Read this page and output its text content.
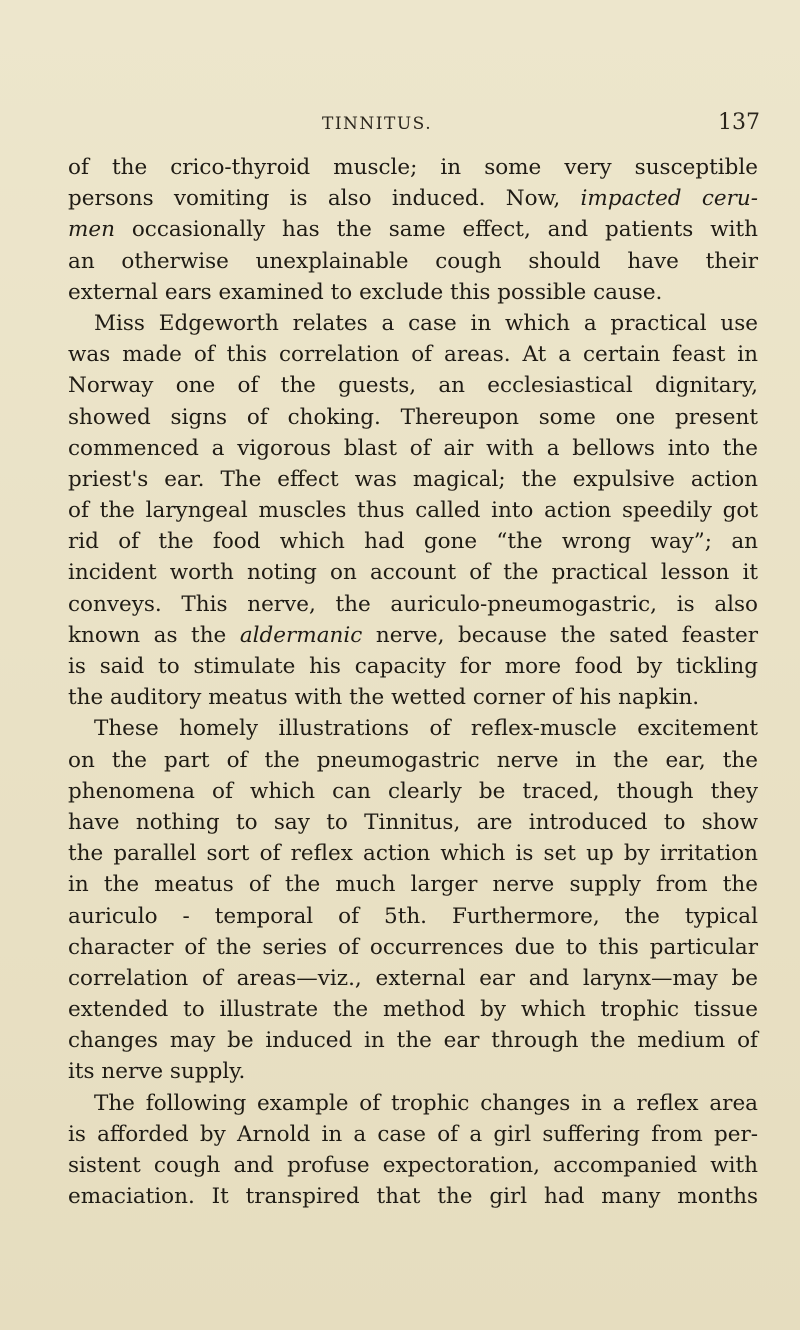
TINNITUS.	137
of the crico-thyroid muscle; in some very susceptible
persons vomiting is also induced. Now, impacted ceru-
men occasionally has the same effect, and patients with
an otherwise unexplainable cough should have their
external ears examined to exclude this possible cause.
Miss Edgeworth relates a case in which a practical use
was made of this correlation of areas. At a certain feast in
Norway one of the guests, an ecclesiastical dignitary,
showed signs of choking. Thereupon some one present
commenced a vigorous blast of air with a bellows into the
priest's ear. The effect was magical; the expulsive action
of the laryngeal muscles thus called into action speedily got
rid of the food which had gone “the wrong way”; an
incident worth noting on account of the practical lesson it
conveys. This nerve, the auriculo-pneumogastric, is also
known as the aldermanic nerve, because the sated feaster
is said to stimulate his capacity for more food by tickling
the auditory meatus with the wetted corner of his napkin.
These homely illustrations of reflex-muscle excitement
on the part of the pneumogastric nerve in the ear, the
phenomena of which can clearly be traced, though they
have nothing to say to Tinnitus, are introduced to show
the parallel sort of reflex action which is set up by irritation
in the meatus of the much larger nerve supply from the
auriculo - temporal of 5th. Furthermore, the typical
character of the series of occurrences due to this particular
correlation of areas—viz., external ear and larynx—may be
extended to illustrate the method by which trophic tissue
changes may be induced in the ear through the medium of
its nerve supply.
The following example of trophic changes in a reflex area
is afforded by Arnold in a case of a girl suffering from per-
sistent cough and profuse expectoration, accompanied with
emaciation. It transpired that the girl had many months
